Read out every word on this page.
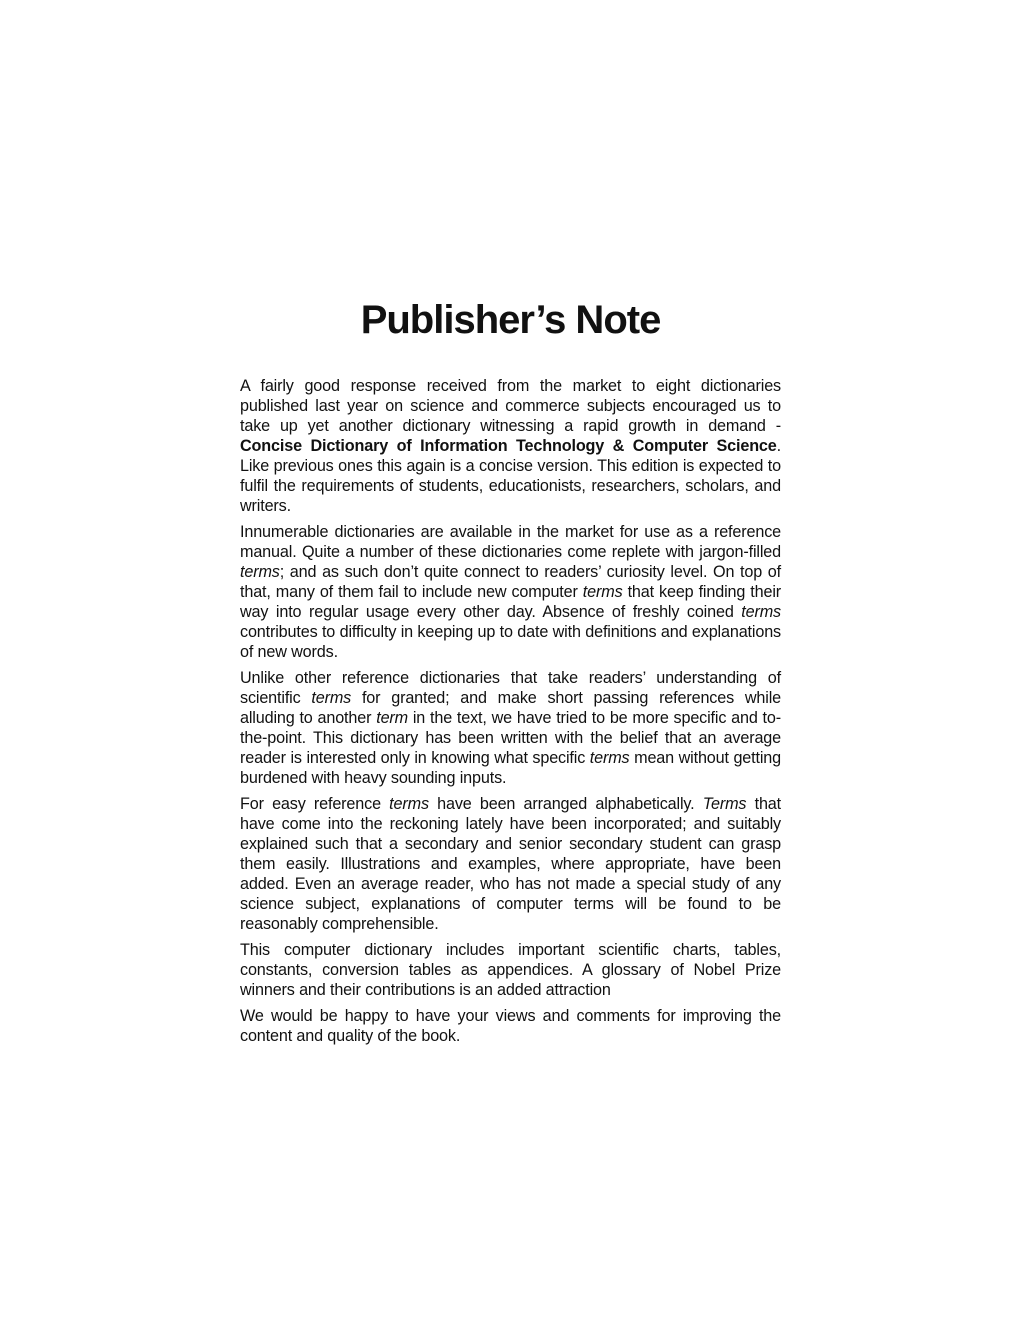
Publisher’s Note

A fairly good response received from the market to eight dictionaries published last year on science and commerce subjects encouraged us to take up yet another dictionary witnessing a rapid growth in demand - Concise Dictionary of Information Technology & Computer Science. Like previous ones this again is a concise version. This edition is expected to fulfil the requirements of students, educationists, researchers, scholars, and writers.

Innumerable dictionaries are available in the market for use as a reference manual. Quite a number of these dictionaries come replete with jargon-filled terms; and as such don’t quite connect to readers’ curiosity level. On top of that, many of them fail to include new computer terms that keep finding their way into regular usage every other day. Absence of freshly coined terms contributes to difficulty in keeping up to date with definitions and explanations of new words.

Unlike other reference dictionaries that take readers’ understanding of scientific terms for granted; and make short passing references while alluding to another term in the text, we have tried to be more specific and to-the-point. This dictionary has been written with the belief that an average reader is interested only in knowing what specific terms mean without getting burdened with heavy sounding inputs.

For easy reference terms have been arranged alphabetically. Terms that have come into the reckoning lately have been incorporated; and suitably explained such that a secondary and senior secondary student can grasp them easily. Illustrations and examples, where appropriate, have been added. Even an average reader, who has not made a special study of any science subject, explanations of computer terms will be found to be reasonably comprehensible.

This computer dictionary includes important scientific charts, tables, constants, conversion tables as appendices. A glossary of Nobel Prize winners and their contributions is an added attraction

We would be happy to have your views and comments for improving the content and quality of the book.
